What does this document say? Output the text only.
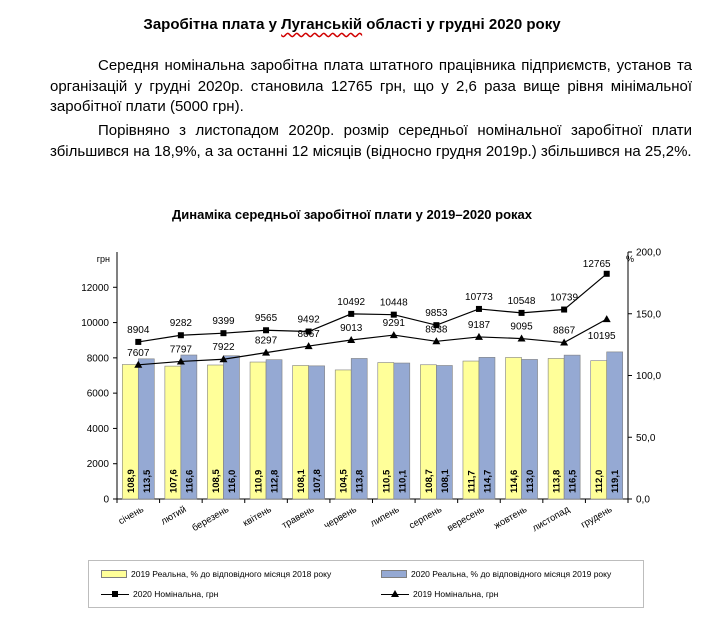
Заробітна плата у Луганській області у грудні 2020 року

Середня номінальна заробітна плата штатного працівника підприємств, установ та організацій у грудні 2020р. становила 12765 грн, що у 2,6 раза вище рівня мінімальної заробітної плати (5000 грн).

Порівняно з листопадом 2020р. розмір середньої номінальної заробітної плати збільшився на 18,9%, а за останні 12 місяців (відносно грудня 2019р.) збільшився на 25,2%.

Динаміка середньої заробітної плати у 2019–2020 роках
0
2000
4000
6000
8000
10000
12000
0,0
50,0
100,0
150,0
200,0
грн	%
січень лютий березень квітень травень червень липень серпень вересень жовтень листопад грудень
108,9	107,6	108,5	110,9	108,1	104,5	110,5	108,7	111,7	114,6	113,8	112,0
113,5	116,6	116,0	112,8	107,8	113,8	110,1	108,1	114,7	113,0	116,5	119,1
8904
9282 9399 9565 9492
10492 10448
9853
10773 10548 10739
12765
7607 7797 7922
8297
8667
9013 9291
8938 9187 9095 8867
10195
2019 Реальна, % до відповідного місяця 2018 року	2020 Реальна, % до відповідного місяця 2019 року
2020 Номінальна, грн	2019 Номінальна, грн
